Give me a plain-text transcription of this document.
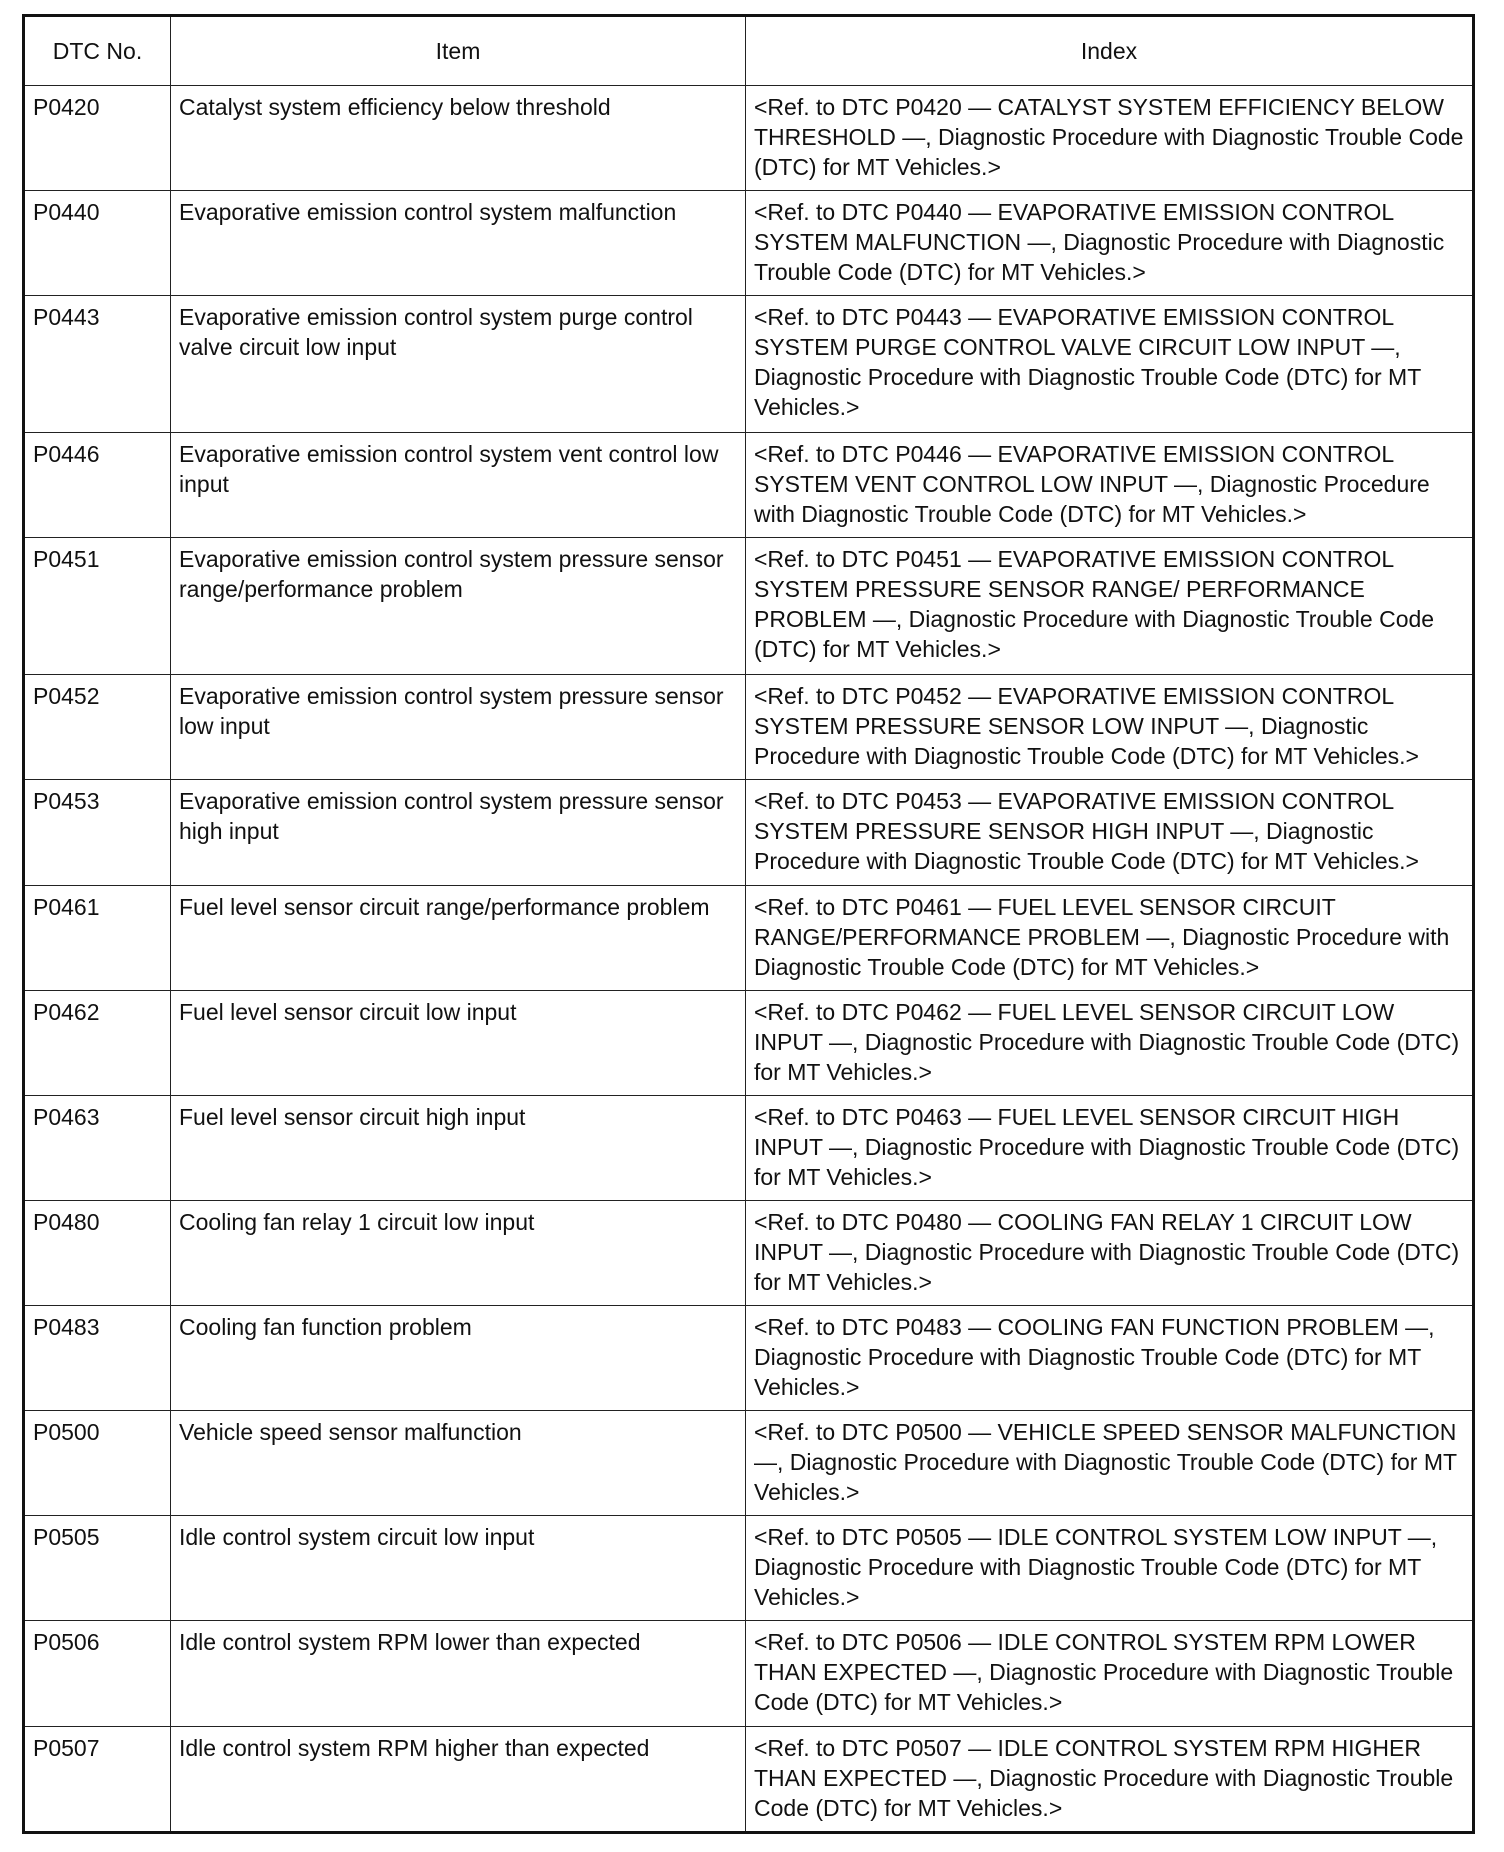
DTC No.	Item	Index
P0420	Catalyst system efficiency below threshold	<Ref. to DTC P0420 — CATALYST SYSTEM EFFICIENCY BELOW THRESHOLD —, Diagnostic Procedure with Diagnostic Trouble Code (DTC) for MT Vehicles.>
P0440	Evaporative emission control system malfunction	<Ref. to DTC P0440 — EVAPORATIVE EMISSION CONTROL SYSTEM MALFUNCTION —, Diagnostic Procedure with Diagnostic Trouble Code (DTC) for MT Vehicles.>
P0443	Evaporative emission control system purge control valve circuit low input	<Ref. to DTC P0443 — EVAPORATIVE EMISSION CONTROL SYSTEM PURGE CONTROL VALVE CIRCUIT LOW INPUT —, Diagnostic Procedure with Diagnostic Trouble Code (DTC) for MT Vehicles.>
P0446	Evaporative emission control system vent control low input	<Ref. to DTC P0446 — EVAPORATIVE EMISSION CONTROL SYSTEM VENT CONTROL LOW INPUT —, Diagnostic Procedure with Diagnostic Trouble Code (DTC) for MT Vehicles.>
P0451	Evaporative emission control system pressure sensor range/performance problem	<Ref. to DTC P0451 — EVAPORATIVE EMISSION CONTROL SYSTEM PRESSURE SENSOR RANGE/ PERFORMANCE PROBLEM —, Diagnostic Procedure with Diagnostic Trouble Code (DTC) for MT Vehicles.>
P0452	Evaporative emission control system pressure sensor low input	<Ref. to DTC P0452 — EVAPORATIVE EMISSION CONTROL SYSTEM PRESSURE SENSOR LOW INPUT —, Diagnostic Procedure with Diagnostic Trouble Code (DTC) for MT Vehicles.>
P0453	Evaporative emission control system pressure sensor high input	<Ref. to DTC P0453 — EVAPORATIVE EMISSION CONTROL SYSTEM PRESSURE SENSOR HIGH INPUT —, Diagnostic Procedure with Diagnostic Trouble Code (DTC) for MT Vehicles.>
P0461	Fuel level sensor circuit range/performance problem	<Ref. to DTC P0461 — FUEL LEVEL SENSOR CIRCUIT RANGE/PERFORMANCE PROBLEM —, Diagnostic Procedure with Diagnostic Trouble Code (DTC) for MT Vehicles.>
P0462	Fuel level sensor circuit low input	<Ref. to DTC P0462 — FUEL LEVEL SENSOR CIRCUIT LOW INPUT —, Diagnostic Procedure with Diagnostic Trouble Code (DTC) for MT Vehicles.>
P0463	Fuel level sensor circuit high input	<Ref. to DTC P0463 — FUEL LEVEL SENSOR CIRCUIT HIGH INPUT —, Diagnostic Procedure with Diagnostic Trouble Code (DTC) for MT Vehicles.>
P0480	Cooling fan relay 1 circuit low input	<Ref. to DTC P0480 — COOLING FAN RELAY 1 CIRCUIT LOW INPUT —, Diagnostic Procedure with Diagnostic Trouble Code (DTC) for MT Vehicles.>
P0483	Cooling fan function problem	<Ref. to DTC P0483 — COOLING FAN FUNCTION PROBLEM —, Diagnostic Procedure with Diagnostic Trouble Code (DTC) for MT Vehicles.>
P0500	Vehicle speed sensor malfunction	<Ref. to DTC P0500 — VEHICLE SPEED SENSOR MALFUNCTION —, Diagnostic Procedure with Diagnostic Trouble Code (DTC) for MT Vehicles.>
P0505	Idle control system circuit low input	<Ref. to DTC P0505 — IDLE CONTROL SYSTEM LOW INPUT —, Diagnostic Procedure with Diagnostic Trouble Code (DTC) for MT Vehicles.>
P0506	Idle control system RPM lower than expected	<Ref. to DTC P0506 — IDLE CONTROL SYSTEM RPM LOWER THAN EXPECTED —, Diagnostic Procedure with Diagnostic Trouble Code (DTC) for MT Vehicles.>
P0507	Idle control system RPM higher than expected	<Ref. to DTC P0507 — IDLE CONTROL SYSTEM RPM HIGHER THAN EXPECTED —, Diagnostic Procedure with Diagnostic Trouble Code (DTC) for MT Vehicles.>
